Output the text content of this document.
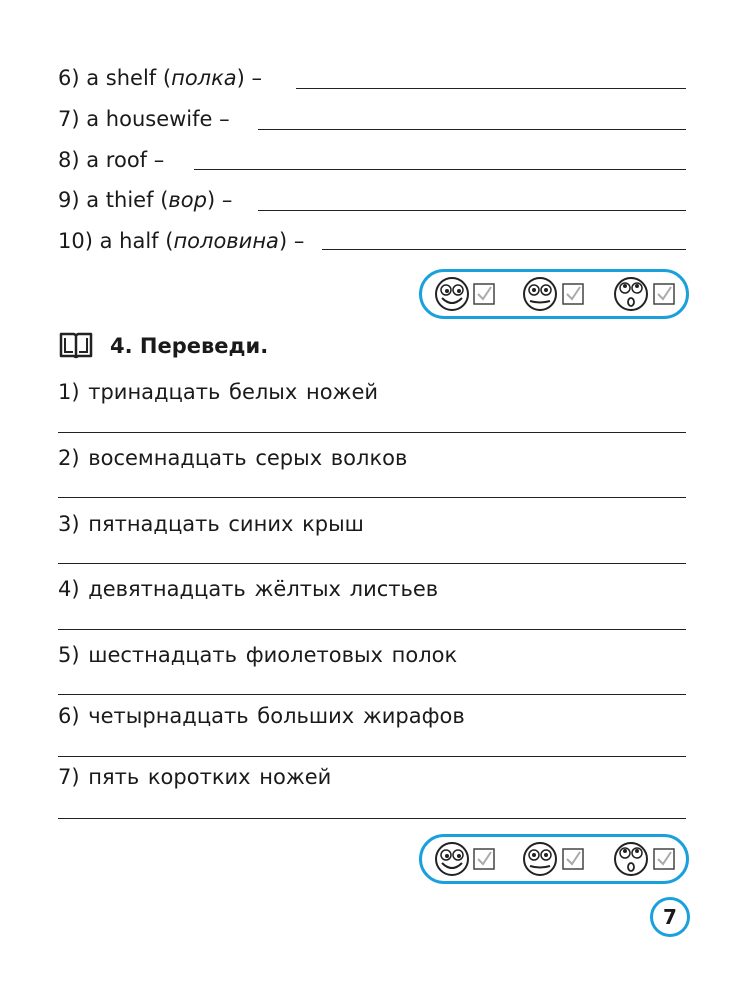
6) a shelf (полка) –
7) a housewife –
8) a roof –
9) a thief (вор) –
10) a half (половина) –
4. Переведи.
1) тринадцать белых ножей
2) восемнадцать серых волков
3) пятнадцать синих крыш
4) девятнадцать жёлтых листьев
5) шестнадцать фиолетовых полок
6) четырнадцать больших жирафов
7) пять коротких ножей
7
